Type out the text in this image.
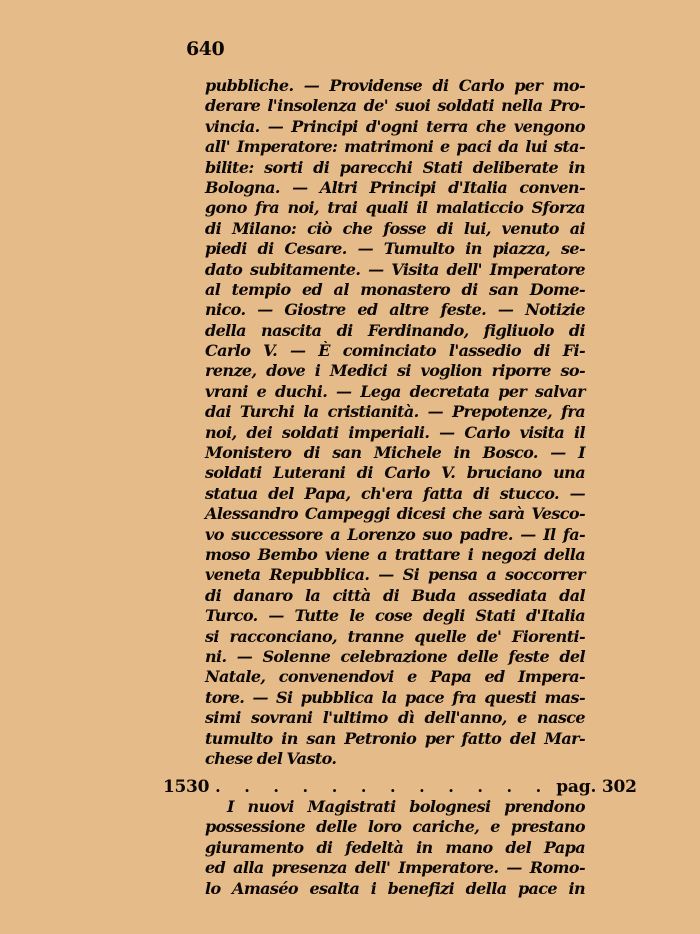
640
pubbliche. — Providense di Carlo per mo-
derare l'insolenza de' suoi soldati nella Pro-
vincia. — Principi d'ogni terra che vengono
all' Imperatore: matrimoni e paci da lui sta-
bilite: sorti di parecchi Stati deliberate in
Bologna. — Altri Principi d'Italia conven-
gono fra noi, trai quali il malaticcio Sforza
di Milano: ciò che fosse di lui, venuto ai
piedi di Cesare. — Tumulto in piazza, se-
dato subitamente. — Visita dell' Imperatore
al tempio ed al monastero di san Dome-
nico. — Giostre ed altre feste. — Notizie
della nascita di Ferdinando, figliuolo di
Carlo V. — È cominciato l'assedio di Fi-
renze, dove i Medici si voglion riporre so-
vrani e duchi. — Lega decretata per salvar
dai Turchi la cristianità. — Prepotenze, fra
noi, dei soldati imperiali. — Carlo visita il
Monistero di san Michele in Bosco. — I
soldati Luterani di Carlo V. bruciano una
statua del Papa, ch'era fatta di stucco. —
Alessandro Campeggi dicesi che sarà Vesco-
vo successore a Lorenzo suo padre. — Il fa-
moso Bembo viene a trattare i negozi della
veneta Repubblica. — Si pensa a soccorrer
di danaro la città di Buda assediata dal
Turco. — Tutte le cose degli Stati d'Italia
si racconciano, tranne quelle de' Fiorenti-
ni. — Solenne celebrazione delle feste del
Natale, convenendovi e Papa ed Impera-
tore. — Si pubblica la pace fra questi mas-
simi sovrani l'ultimo dì dell'anno, e nasce
tumulto in san Petronio per fatto del Mar-
chese del Vasto.
1530 . . . . . . . . . . . . pag. 302
I nuovi Magistrati bolognesi prendono
possessione delle loro cariche, e prestano
giuramento di fedeltà in mano del Papa
ed alla presenza dell' Imperatore. — Romo-
lo Amaséo esalta i benefizi della pace in
